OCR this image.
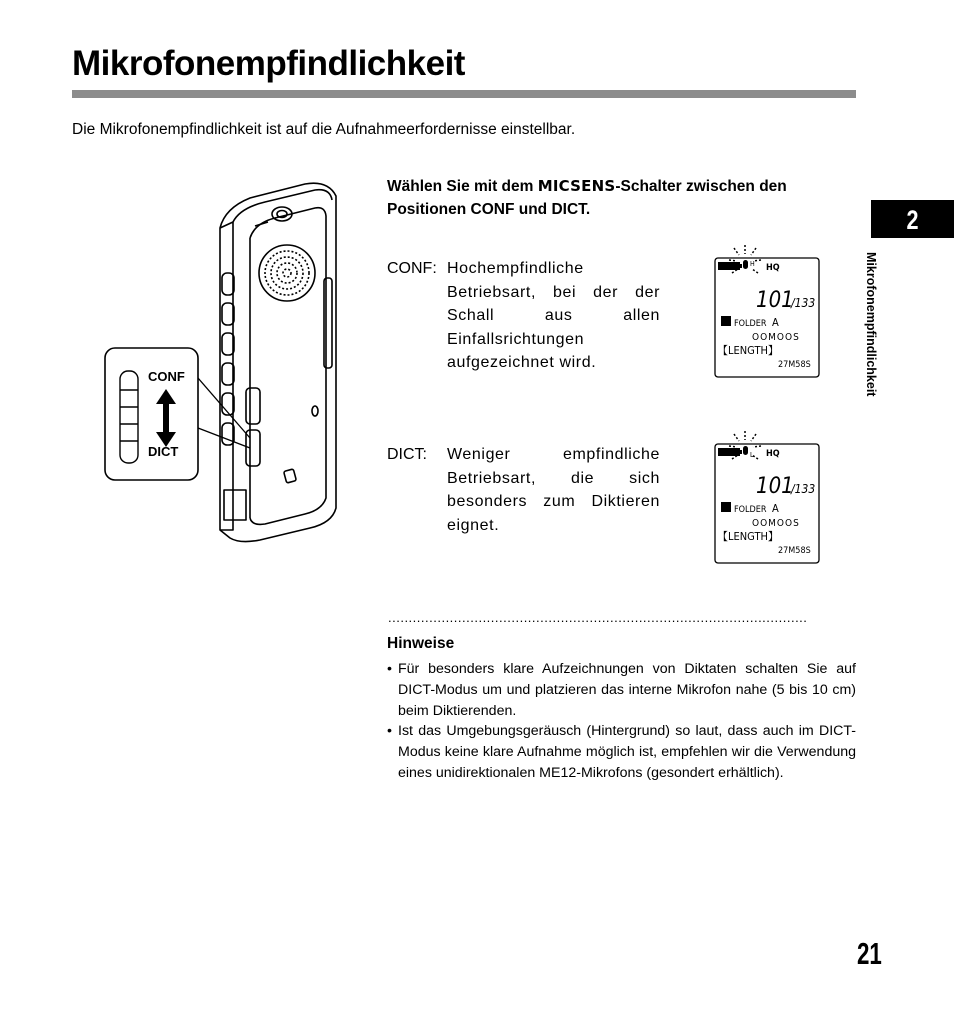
Mikrofonempfindlichkeit

Die Mikrofonempfindlichkeit ist auf die Aufnahmeerfordernisse einstellbar.

Wählen Sie mit dem MICSENS-Schalter zwischen den Positionen CONF und DICT.

CONF: Hochempfindliche Betriebsart, bei der der Schall aus allen Einfallsrichtungen aufgezeichnet wird.
DICT: Weniger empfindliche Betriebsart, die sich besonders zum Diktieren eignet.
CONF
DICT
H HQ
101
/133
FOLDER A
OOMOOS
【LENGTH】
27M58S
L HQ
101
/133
FOLDER A
OOMOOS
【LENGTH】
27M58S
......................................................................................................
Hinweise
• Für besonders klare Aufzeichnungen von Diktaten schalten Sie auf DICT-Modus um und platzieren das interne Mikrofon nahe (5 bis 10 cm) beim Diktierenden.
• Ist das Umgebungsgeräusch (Hintergrund) so laut, dass auch im DICT-Modus keine klare Aufnahme möglich ist, empfehlen wir die Verwendung eines unidirektionalen ME12-Mikrofons (gesondert erhältlich).
2
Mikrofonempfindlichkeit
21
